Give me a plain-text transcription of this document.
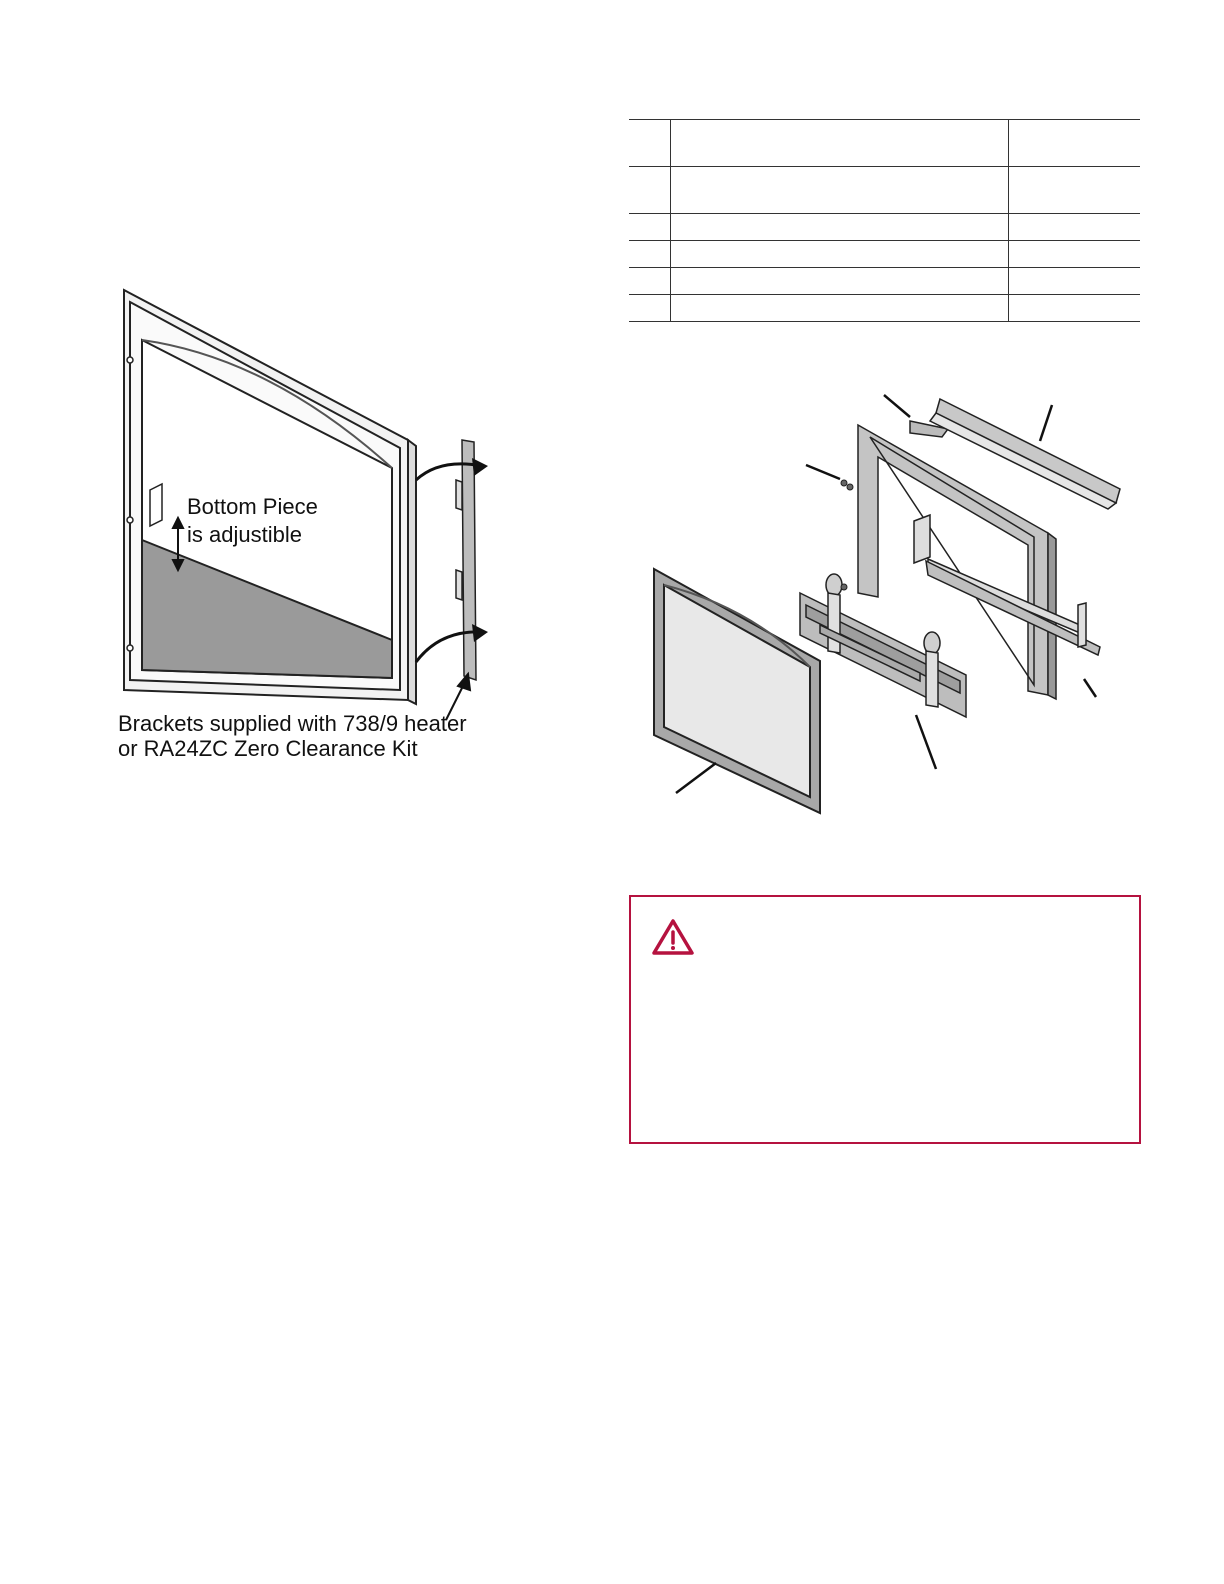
Bottom Piece
is adjustible
Brackets supplied with 738/9 heater
or RA24ZC Zero Clearance Kit
